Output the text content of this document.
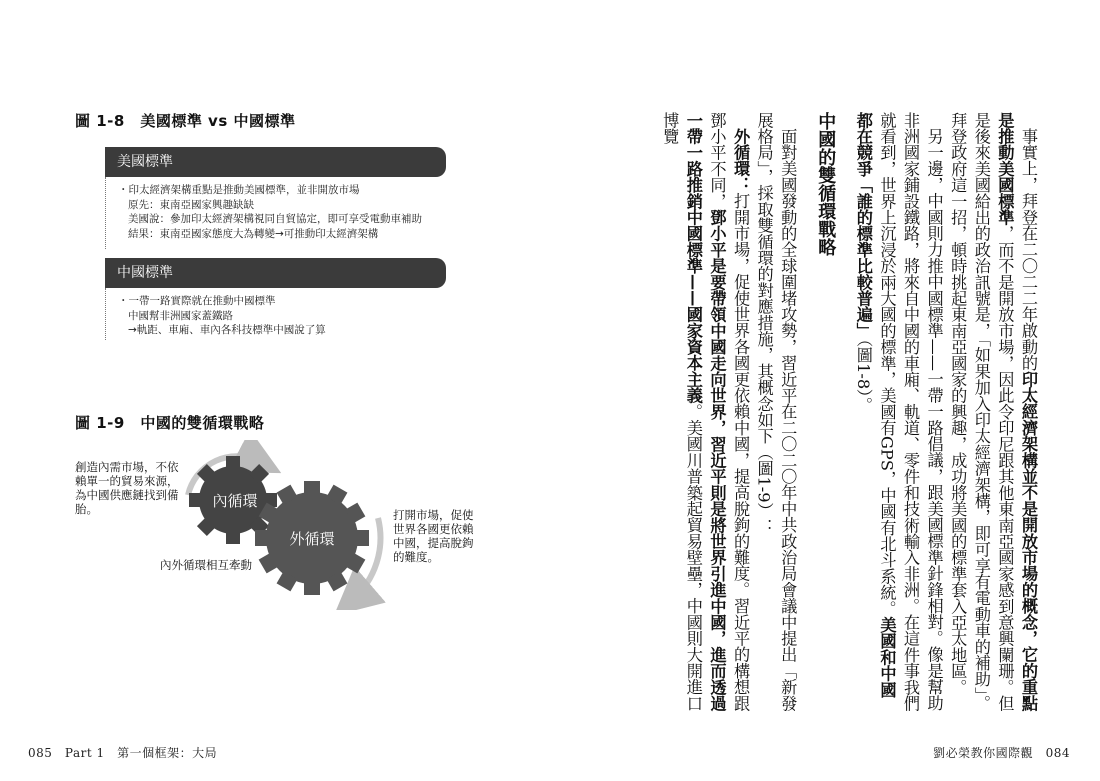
圖 1-8　美國標準 vs 中國標準
美國標準
・印太經濟架構重點是推動美國標準，並非開放市場
原先：東南亞國家興趣缺缺
美國說：參加印太經濟架構視同自貿協定，即可享受電動車補助
結果：東南亞國家態度大為轉變→可推動印太經濟架構
中國標準
・一帶一路實際就在推動中國標準
中國幫非洲國家蓋鐵路
→軌距、車廂、車內各科技標準中國說了算
圖 1-9　中國的雙循環戰略
內循環
外循環
創造內需市場，不依賴單一的貿易來源，為中國供應鏈找到備胎。	打開市場，促使世界各國更依賴中國，提高脫鉤的難度。
內外循環相互牽動
085　Part 1　第一個框架：大局

事實上，拜登在二〇二二年啟動的印太經濟架構並不是開放市場的概念，它的重點是推動美國標準，而不是開放市場，因此令印尼跟其他東南亞國家感到意興闌珊。但是後來美國給出的政治訊號是，「如果加入印太經濟架構，即可享有電動車的補助」。拜登政府這一招，頓時挑起東南亞國家的興趣，成功將美國的標準套入亞太地區。

另一邊，中國則力推中國標準——一帶一路倡議，跟美國標準針鋒相對。像是幫助非洲國家鋪設鐵路，將來自中國的車廂、軌道、零件和技術輸入非洲。在這件事我們就看到，世界上沉浸於兩大國的標準，美國有GPS，中國有北斗系統。美國和中國都在競爭「誰的標準比較普遍」（圖1-8）。

中國的雙循環戰略

面對美國發動的全球圍堵攻勢，習近平在二〇二〇年中共政治局會議中提出「新發展格局」，採取雙循環的對應措施，其概念如下（圖1-9）：

外循環：打開市場，促使世界各國更依賴中國，提高脫鉤的難度。習近平的構想跟鄧小平不同，鄧小平是要帶領中國走向世界，習近平則是將世界引進中國，進而透過一帶一路推銷中國標準——國家資本主義。美國川普築起貿易壁壘，中國則大開進口博覽

劉必榮教你國際觀　084
